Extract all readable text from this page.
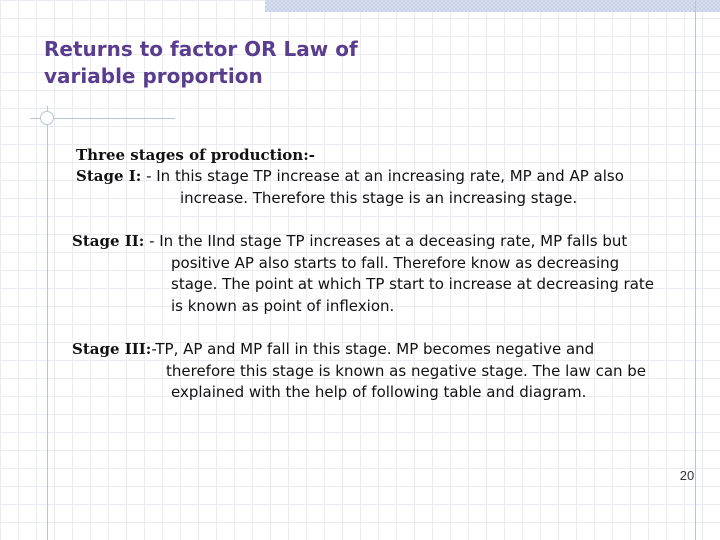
Returns to factor OR Law of
variable proportion
Three stages of production:-
Stage I: - In this stage TP increase at an increasing rate, MP and AP also
increase. Therefore this stage is an increasing stage.
Stage II: - In the IInd stage TP increases at a deceasing rate, MP falls but
positive AP also starts to fall. Therefore know as decreasing
stage. The point at which TP start to increase at decreasing rate
is known as point of inflexion.
Stage III:-TP, AP and MP fall in this stage. MP becomes negative and
therefore this stage is known as negative stage. The law can be
explained with the help of following table and diagram.
20
